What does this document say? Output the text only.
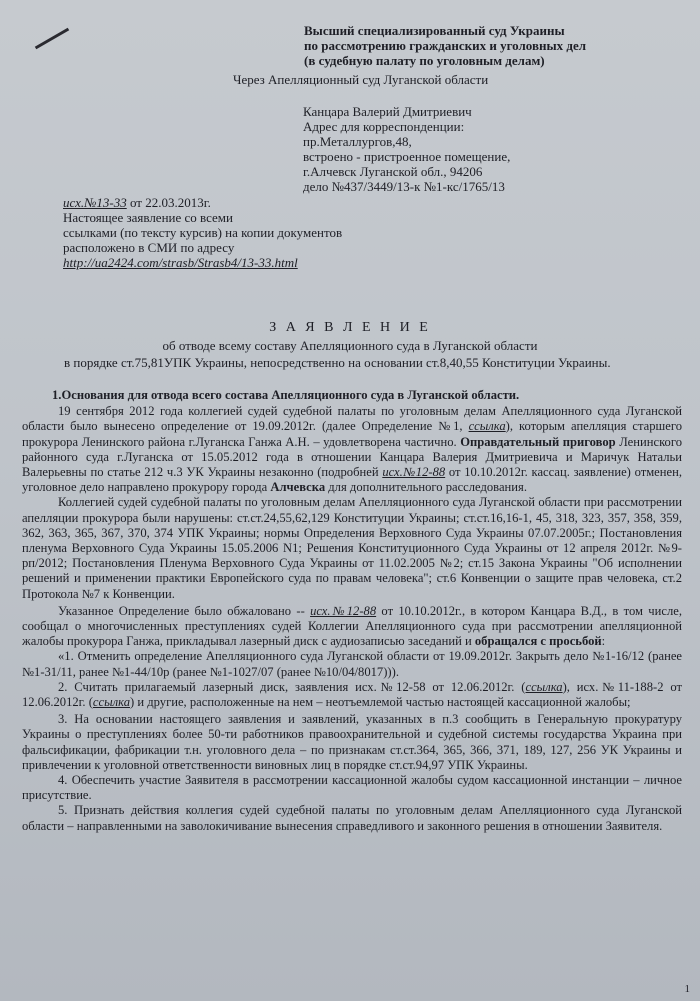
Высший специализированный суд Украины
по рассмотрению гражданских и уголовных дел
(в судебную палату по уголовным делам)
Через Апелляционный суд Луганской области
Канцара Валерий Дмитриевич
Адрес для корреспонденции:
пр.Металлургов,48,
встроено - пристроенное помещение,
г.Алчевск Луганской обл., 94206
дело №437/3449/13-к №1-кс/1765/13
исх.№13-33 от 22.03.2013г.
Настоящее заявление со всеми
ссылками (по тексту курсив) на копии документов
расположено в СМИ по адресу
http://ua2424.com/strasb/Strasb4/13-33.html
З А Я В Л Е Н И Е
об отводе всему составу Апелляционного суда в Луганской области
в порядке ст.75,81УПК Украины, непосредственно на основании ст.8,40,55 Конституции Украины.

1.Основания для отвода всего состава Апелляционного суда в Луганской области.

19 сентября 2012 года коллегией судей судебной палаты по уголовным делам Апелляционного суда Луганской области было вынесено определение от 19.09.2012г. (далее Определение №1, ссылка), которым апелляция старшего прокурора Ленинского района г.Луганска Ганжа А.Н. – удовлетворена частично. Оправдательный приговор Ленинского районного суда г.Луганска от 15.05.2012 года в отношении Канцара Валерия Дмитриевича и Маричук Натальи Валерьевны по статье 212 ч.3 УК Украины незаконно (подробней исх.№12-88 от 10.10.2012г. кассац. заявление) отменен, уголовное дело направлено прокурору города Алчевска для дополнительного расследования.

Коллегией судей судебной палаты по уголовным делам Апелляционного суда Луганской области при рассмотрении апелляции прокурора были нарушены: ст.ст.24,55,62,129 Конституции Украины; ст.ст.16,16-1, 45, 318, 323, 357, 358, 359, 362, 363, 365, 367, 370, 374 УПК Украины; нормы Определения Верховного Суда Украины 07.07.2005г.; Постановления пленума Верховного Суда Украины 15.05.2006 N1; Решения Конституционного Суда Украины от 12 апреля 2012г. №9-рп/2012; Постановления Пленума Верховного Суда Украины от 11.02.2005 №2; ст.15 Закона Украины "Об исполнении решений и применении практики Европейского суда по правам человека"; ст.6 Конвенции о защите прав человека, ст.2 Протокола №7 к Конвенции.

Указанное Определение было обжаловано -- исх.№12-88 от 10.10.2012г., в котором Канцара В.Д., в том числе, сообщал о многочисленных преступлениях судей Коллегии Апелляционного суда при рассмотрении апелляционной жалобы прокурора Ганжа, прикладывал лазерный диск с аудиозаписью заседаний и обращался с просьбой:

«1. Отменить определение Апелляционного суда Луганской области от 19.09.2012г. Закрыть дело №1-16/12 (ранее №1-31/11, ранее №1-44/10р (ранее №1-1027/07 (ранее №10/04/8017))).

2. Считать прилагаемый лазерный диск, заявления исх.№12-58 от 12.06.2012г. (ссылка), исх.№11-188-2 от 12.06.2012г. (ссылка) и другие, расположенные на нем – неотъемлемой частью настоящей кассационной жалобы;

3. На основании настоящего заявления и заявлений, указанных в п.3 сообщить в Генеральную прокуратуру Украины о преступлениях более 50-ти работников правоохранительной и судебной системы государства Украина при фальсификации, фабрикации т.н. уголовного дела – по признакам ст.ст.364, 365, 366, 371, 189, 127, 256 УК Украины и привлечении к уголовной ответственности виновных лиц в порядке ст.ст.94,97 УПК Украины.

4. Обеспечить участие Заявителя в рассмотрении кассационной жалобы судом кассационной инстанции – личное присутствие.

5. Признать действия коллегия судей судебной палаты по уголовным делам Апелляционного суда Луганской области – направленными на заволокичивание вынесения справедливого и законного решения в отношении Заявителя.

1
